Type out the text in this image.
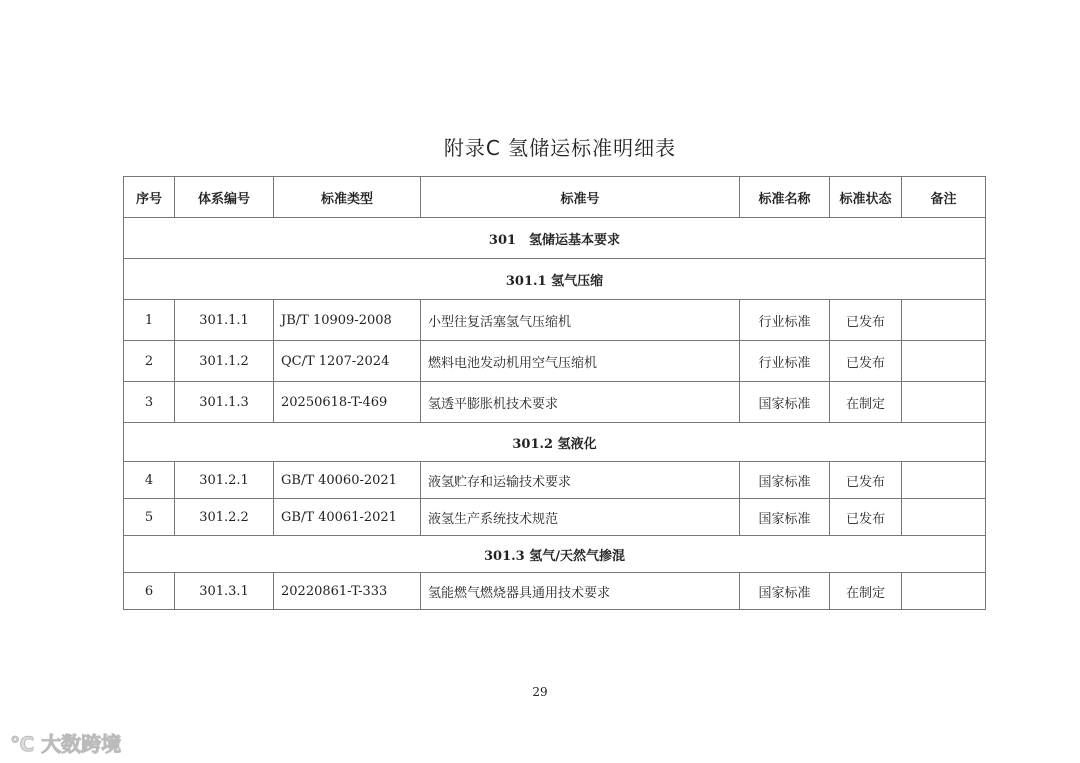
附录C 氢储运标准明细表
序号	体系编号	标准类型	标准号	标准名称	标准状态	备注
301　氢储运基本要求						
301.1 氢气压缩						
1	301.1.1	JB/T 10909-2008	小型往复活塞氢气压缩机	行业标准	已发布	
2	301.1.2	QC/T 1207-2024	燃料电池发动机用空气压缩机	行业标准	已发布	
3	301.1.3	20250618-T-469	氢透平膨胀机技术要求	国家标准	在制定	
301.2 氢液化						
4	301.2.1	GB/T 40060-2021	液氢贮存和运输技术要求	国家标准	已发布	
5	301.2.2	GB/T 40061-2021	液氢生产系统技术规范	国家标准	已发布	
301.3 氢气/天然气掺混						
6	301.3.1	20220861-T-333	氢能燃气燃烧器具通用技术要求	国家标准	在制定	
29
℃ 大数跨境
